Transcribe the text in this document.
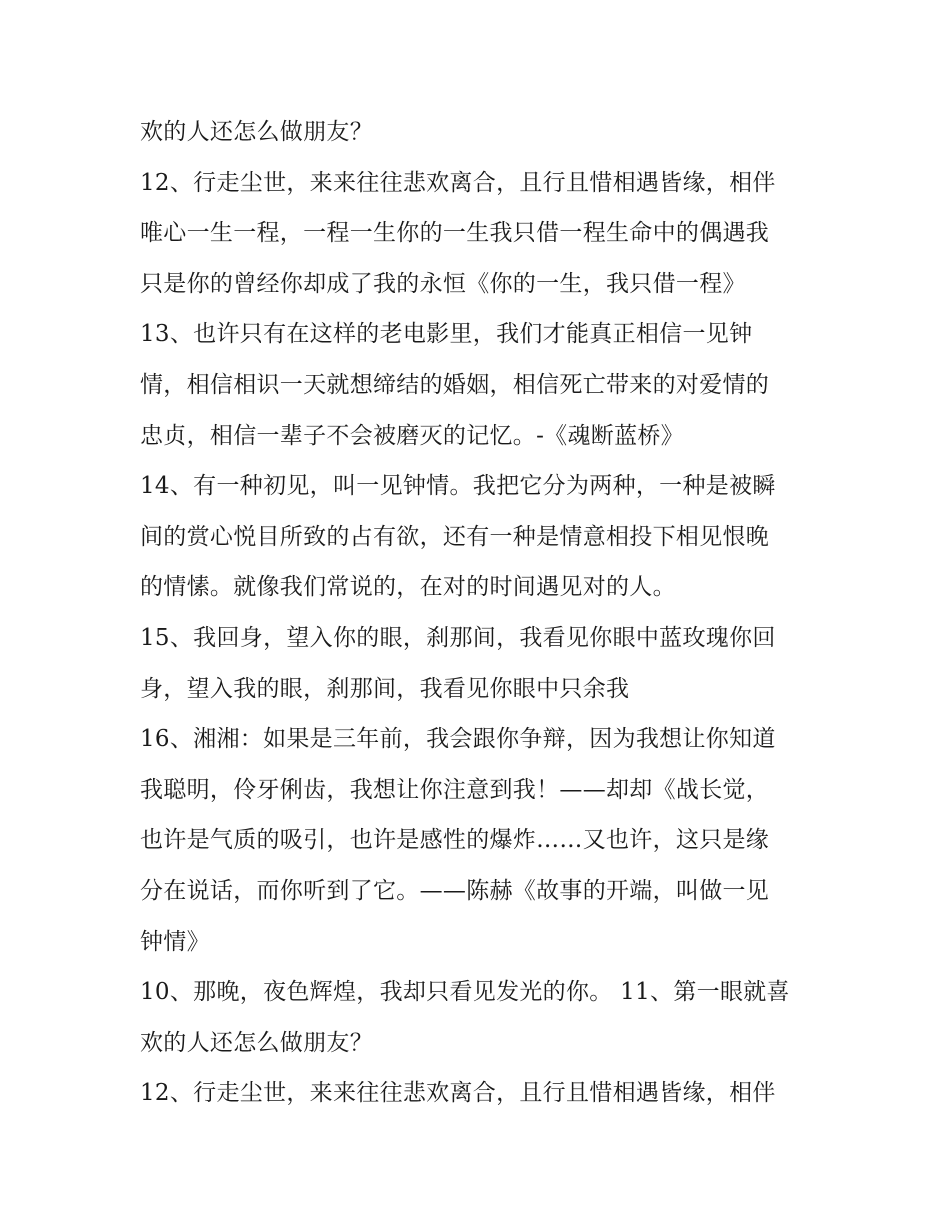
欢的人还怎么做朋友？
12、行走尘世，来来往往悲欢离合，且行且惜相遇皆缘，相伴
唯心一生一程，一程一生你的一生我只借一程生命中的偶遇我
只是你的曾经你却成了我的永恒《你的一生，我只借一程》
13、也许只有在这样的老电影里，我们才能真正相信一见钟
情，相信相识一天就想缔结的婚姻，相信死亡带来的对爱情的
忠贞，相信一辈子不会被磨灭的记忆。-《魂断蓝桥》
14、有一种初见，叫一见钟情。我把它分为两种，一种是被瞬
间的赏心悦目所致的占有欲，还有一种是情意相投下相见恨晚
的情愫。就像我们常说的，在对的时间遇见对的人。
15、我回身，望入你的眼，刹那间，我看见你眼中蓝玫瑰你回
身，望入我的眼，刹那间，我看见你眼中只余我
16、湘湘：如果是三年前，我会跟你争辩，因为我想让你知道
我聪明，伶牙俐齿，我想让你注意到我！——却却《战长觉，
也许是气质的吸引，也许是感性的爆炸……又也许，这只是缘
分在说话，而你听到了它。——陈赫《故事的开端，叫做一见
钟情》
10、那晚，夜色辉煌，我却只看见发光的你。 11、第一眼就喜
欢的人还怎么做朋友？
12、行走尘世，来来往往悲欢离合，且行且惜相遇皆缘，相伴
